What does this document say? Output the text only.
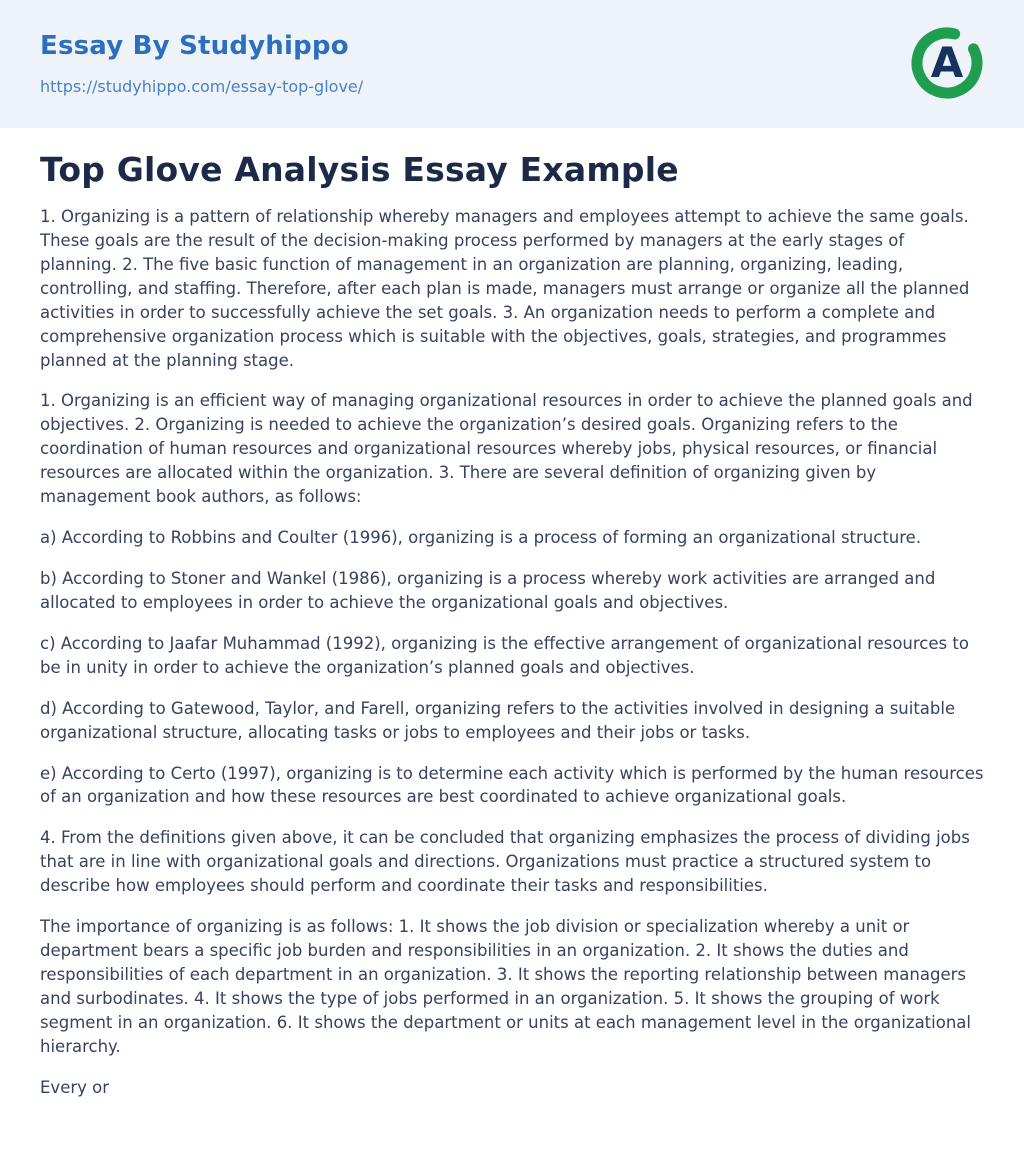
Essay By Studyhippo
https://studyhippo.com/essay-top-glove/	A
Top Glove Analysis Essay Example

1. Organizing is a pattern of relationship whereby managers and employees attempt to achieve the same goals. These goals are the result of the decision-making process performed by managers at the early stages of planning. 2. The five basic function of management in an organization are planning, organizing, leading, controlling, and staffing. Therefore, after each plan is made, managers must arrange or organize all the planned activities in order to successfully achieve the set goals. 3. An organization needs to perform a complete and comprehensive organization process which is suitable with the objectives, goals, strategies, and programmes planned at the planning stage.

1. Organizing is an efficient way of managing organizational resources in order to achieve the planned goals and objectives. 2. Organizing is needed to achieve the organization’s desired goals. Organizing refers to the coordination of human resources and organizational resources whereby jobs, physical resources, or financial resources are allocated within the organization. 3. There are several definition of organizing given by management book authors, as follows:

a) According to Robbins and Coulter (1996), organizing is a process of forming an organizational structure.

b) According to Stoner and Wankel (1986), organizing is a process whereby work activities are arranged and allocated to employees in order to achieve the organizational goals and objectives.

c) According to Jaafar Muhammad (1992), organizing is the effective arrangement of organizational resources to be in unity in order to achieve the organization’s planned goals and objectives.

d) According to Gatewood, Taylor, and Farell, organizing refers to the activities involved in designing a suitable organizational structure, allocating tasks or jobs to employees and their jobs or tasks.

e) According to Certo (1997), organizing is to determine each activity which is performed by the human resources of an organization and how these resources are best coordinated to achieve organizational goals.

4. From the definitions given above, it can be concluded that organizing emphasizes the process of dividing jobs that are in line with organizational goals and directions. Organizations must practice a structured system to describe how employees should perform and coordinate their tasks and responsibilities.

The importance of organizing is as follows: 1. It shows the job division or specialization whereby a unit or department bears a specific job burden and responsibilities in an organization. 2. It shows the duties and responsibilities of each department in an organization. 3. It shows the reporting relationship between managers and surbodinates. 4. It shows the type of jobs performed in an organization. 5. It shows the grouping of work segment in an organization. 6. It shows the department or units at each management level in the organizational hierarchy.

Every or
